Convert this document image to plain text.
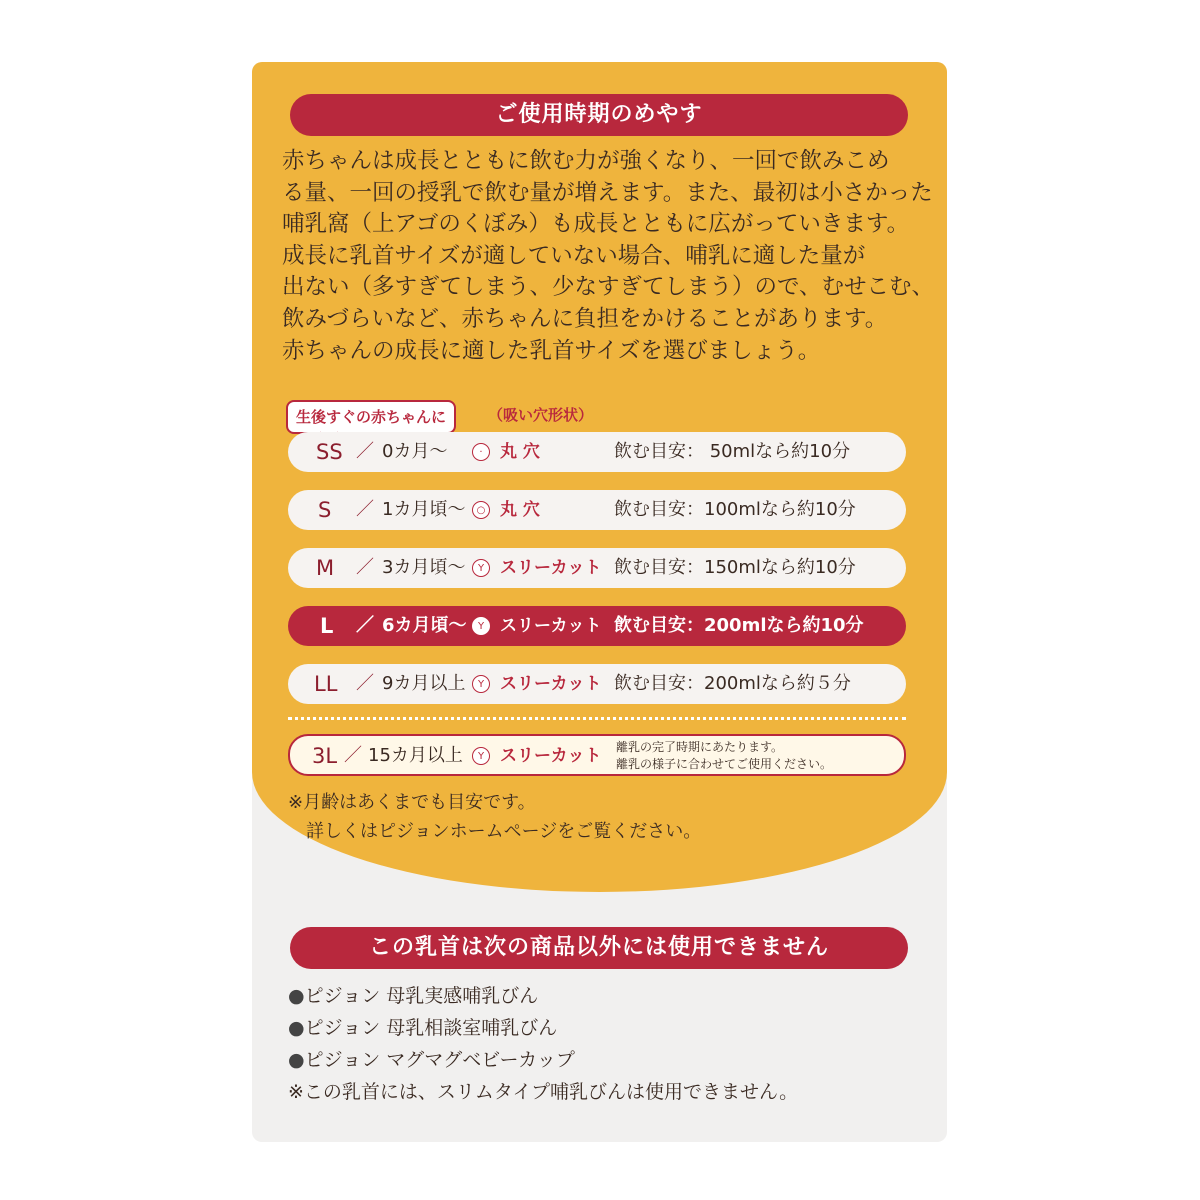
ご使用時期のめやす
赤ちゃんは成長とともに飲む力が強くなり、一回で飲みこめ
る量、一回の授乳で飲む量が増えます。また、最初は小さかった
哺乳窩（上アゴのくぼみ）も成長とともに広がっていきます。
成長に乳首サイズが適していない場合、哺乳に適した量が
出ない（多すぎてしまう、少なすぎてしまう）ので、むせこむ、
飲みづらいなど、赤ちゃんに負担をかけることがあります。
赤ちゃんの成長に適した乳首サイズを選びましょう。
生後すぐの赤ちゃんに	（吸い穴形状）
SS ／ 0カ月～	·	丸 穴	飲む目安： 50mlなら約10分
S ／ 1カ月頃～	○ 丸 穴	飲む目安：100mlなら約10分
M ／ 3カ月頃～	Y スリーカット 飲む目安：150mlなら約10分
L ／ 6カ月頃～	Y スリーカット 飲む目安：200mlなら約10分
LL ／ 9カ月以上	Y スリーカット 飲む目安：200mlなら約５分
3L ／ 15カ月以上	Y スリーカット 離乳の完了時期にあたります。
離乳の様子に合わせてご使用ください。
※月齢はあくまでも目安です。
詳しくはピジョンホームページをご覧ください。
この乳首は次の商品以外には使用できません
●ピジョン 母乳実感哺乳びん
●ピジョン 母乳相談室哺乳びん
●ピジョン マグマグベビーカップ
※この乳首には、スリムタイプ哺乳びんは使用できません。
